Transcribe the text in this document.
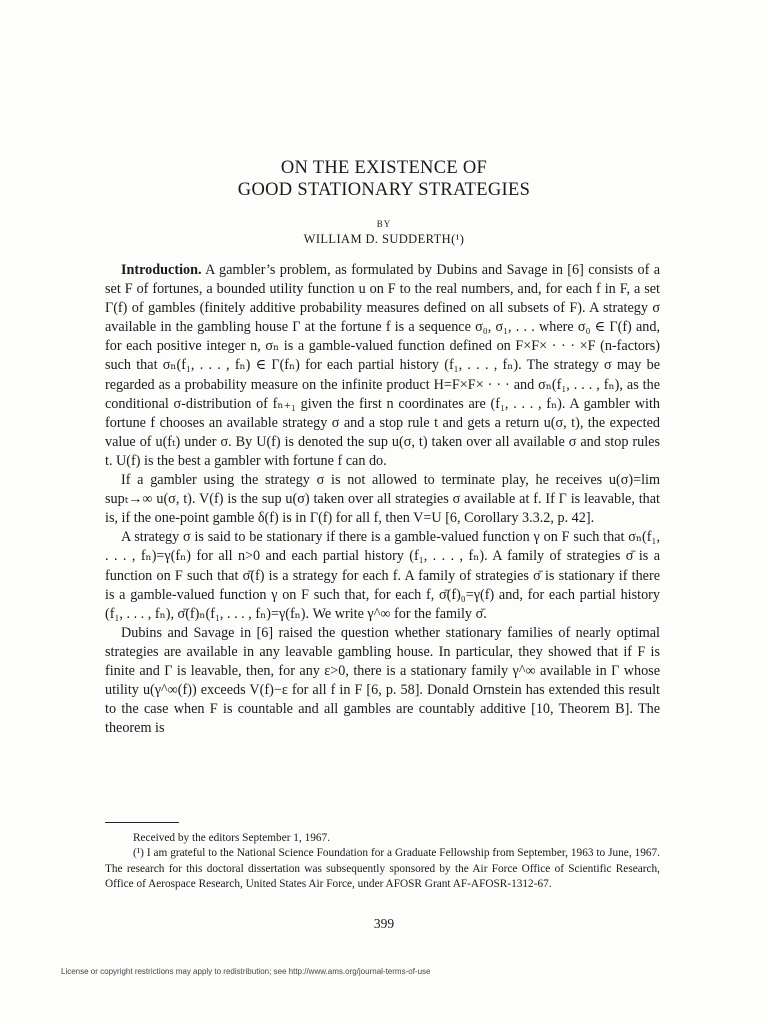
ON THE EXISTENCE OF
GOOD STATIONARY STRATEGIES
BY
WILLIAM D. SUDDERTH(¹)

Introduction. A gambler’s problem, as formulated by Dubins and Savage in [6] consists of a set F of fortunes, a bounded utility function u on F to the real numbers, and, for each f in F, a set Γ(f) of gambles (finitely additive probability measures defined on all subsets of F). A strategy σ available in the gambling house Γ at the fortune f is a sequence σ₀, σ₁, . . . where σ₀ ∈ Γ(f) and, for each positive integer n, σₙ is a gamble-valued function defined on F×F× · · · ×F (n-factors) such that σₙ(f₁, . . . , fₙ) ∈ Γ(fₙ) for each partial history (f₁, . . . , fₙ). The strategy σ may be regarded as a probability measure on the infinite product H=F×F× · · · and σₙ(f₁, . . . , fₙ), as the conditional σ-distribution of fₙ₊₁ given the first n coordinates are (f₁, . . . , fₙ). A gambler with fortune f chooses an available strategy σ and a stop rule t and gets a return u(σ, t), the expected value of u(fₜ) under σ. By U(f) is denoted the sup u(σ, t) taken over all available σ and stop rules t. U(f) is the best a gambler with fortune f can do.

If a gambler using the strategy σ is not allowed to terminate play, he receives u(σ)=lim supₜ→∞ u(σ, t). V(f) is the sup u(σ) taken over all strategies σ available at f. If Γ is leavable, that is, if the one-point gamble δ(f) is in Γ(f) for all f, then V=U [6, Corollary 3.3.2, p. 42].

A strategy σ is said to be stationary if there is a gamble-valued function γ on F such that σₙ(f₁, . . . , fₙ)=γ(fₙ) for all n>0 and each partial history (f₁, . . . , fₙ). A family of strategies σ̄ is a function on F such that σ̄(f) is a strategy for each f. A family of strategies σ̄ is stationary if there is a gamble-valued function γ on F such that, for each f, σ̄(f)₀=γ(f) and, for each partial history (f₁, . . . , fₙ), σ̄(f)ₙ(f₁, . . . , fₙ)=γ(fₙ). We write γ^∞ for the family σ̄.

Dubins and Savage in [6] raised the question whether stationary families of nearly optimal strategies are available in any leavable gambling house. In particular, they showed that if F is finite and Γ is leavable, then, for any ε>0, there is a stationary family γ^∞ available in Γ whose utility u(γ^∞(f)) exceeds V(f)−ε for all f in F [6, p. 58]. Donald Ornstein has extended this result to the case when F is countable and all gambles are countably additive [10, Theorem B]. The theorem is

Received by the editors September 1, 1967.

(¹) I am grateful to the National Science Foundation for a Graduate Fellowship from September, 1963 to June, 1967. The research for this doctoral dissertation was subsequently sponsored by the Air Force Office of Scientific Research, Office of Aerospace Research, United States Air Force, under AFOSR Grant AF-AFOSR-1312-67.

399
License or copyright restrictions may apply to redistribution; see http://www.ams.org/journal-terms-of-use
